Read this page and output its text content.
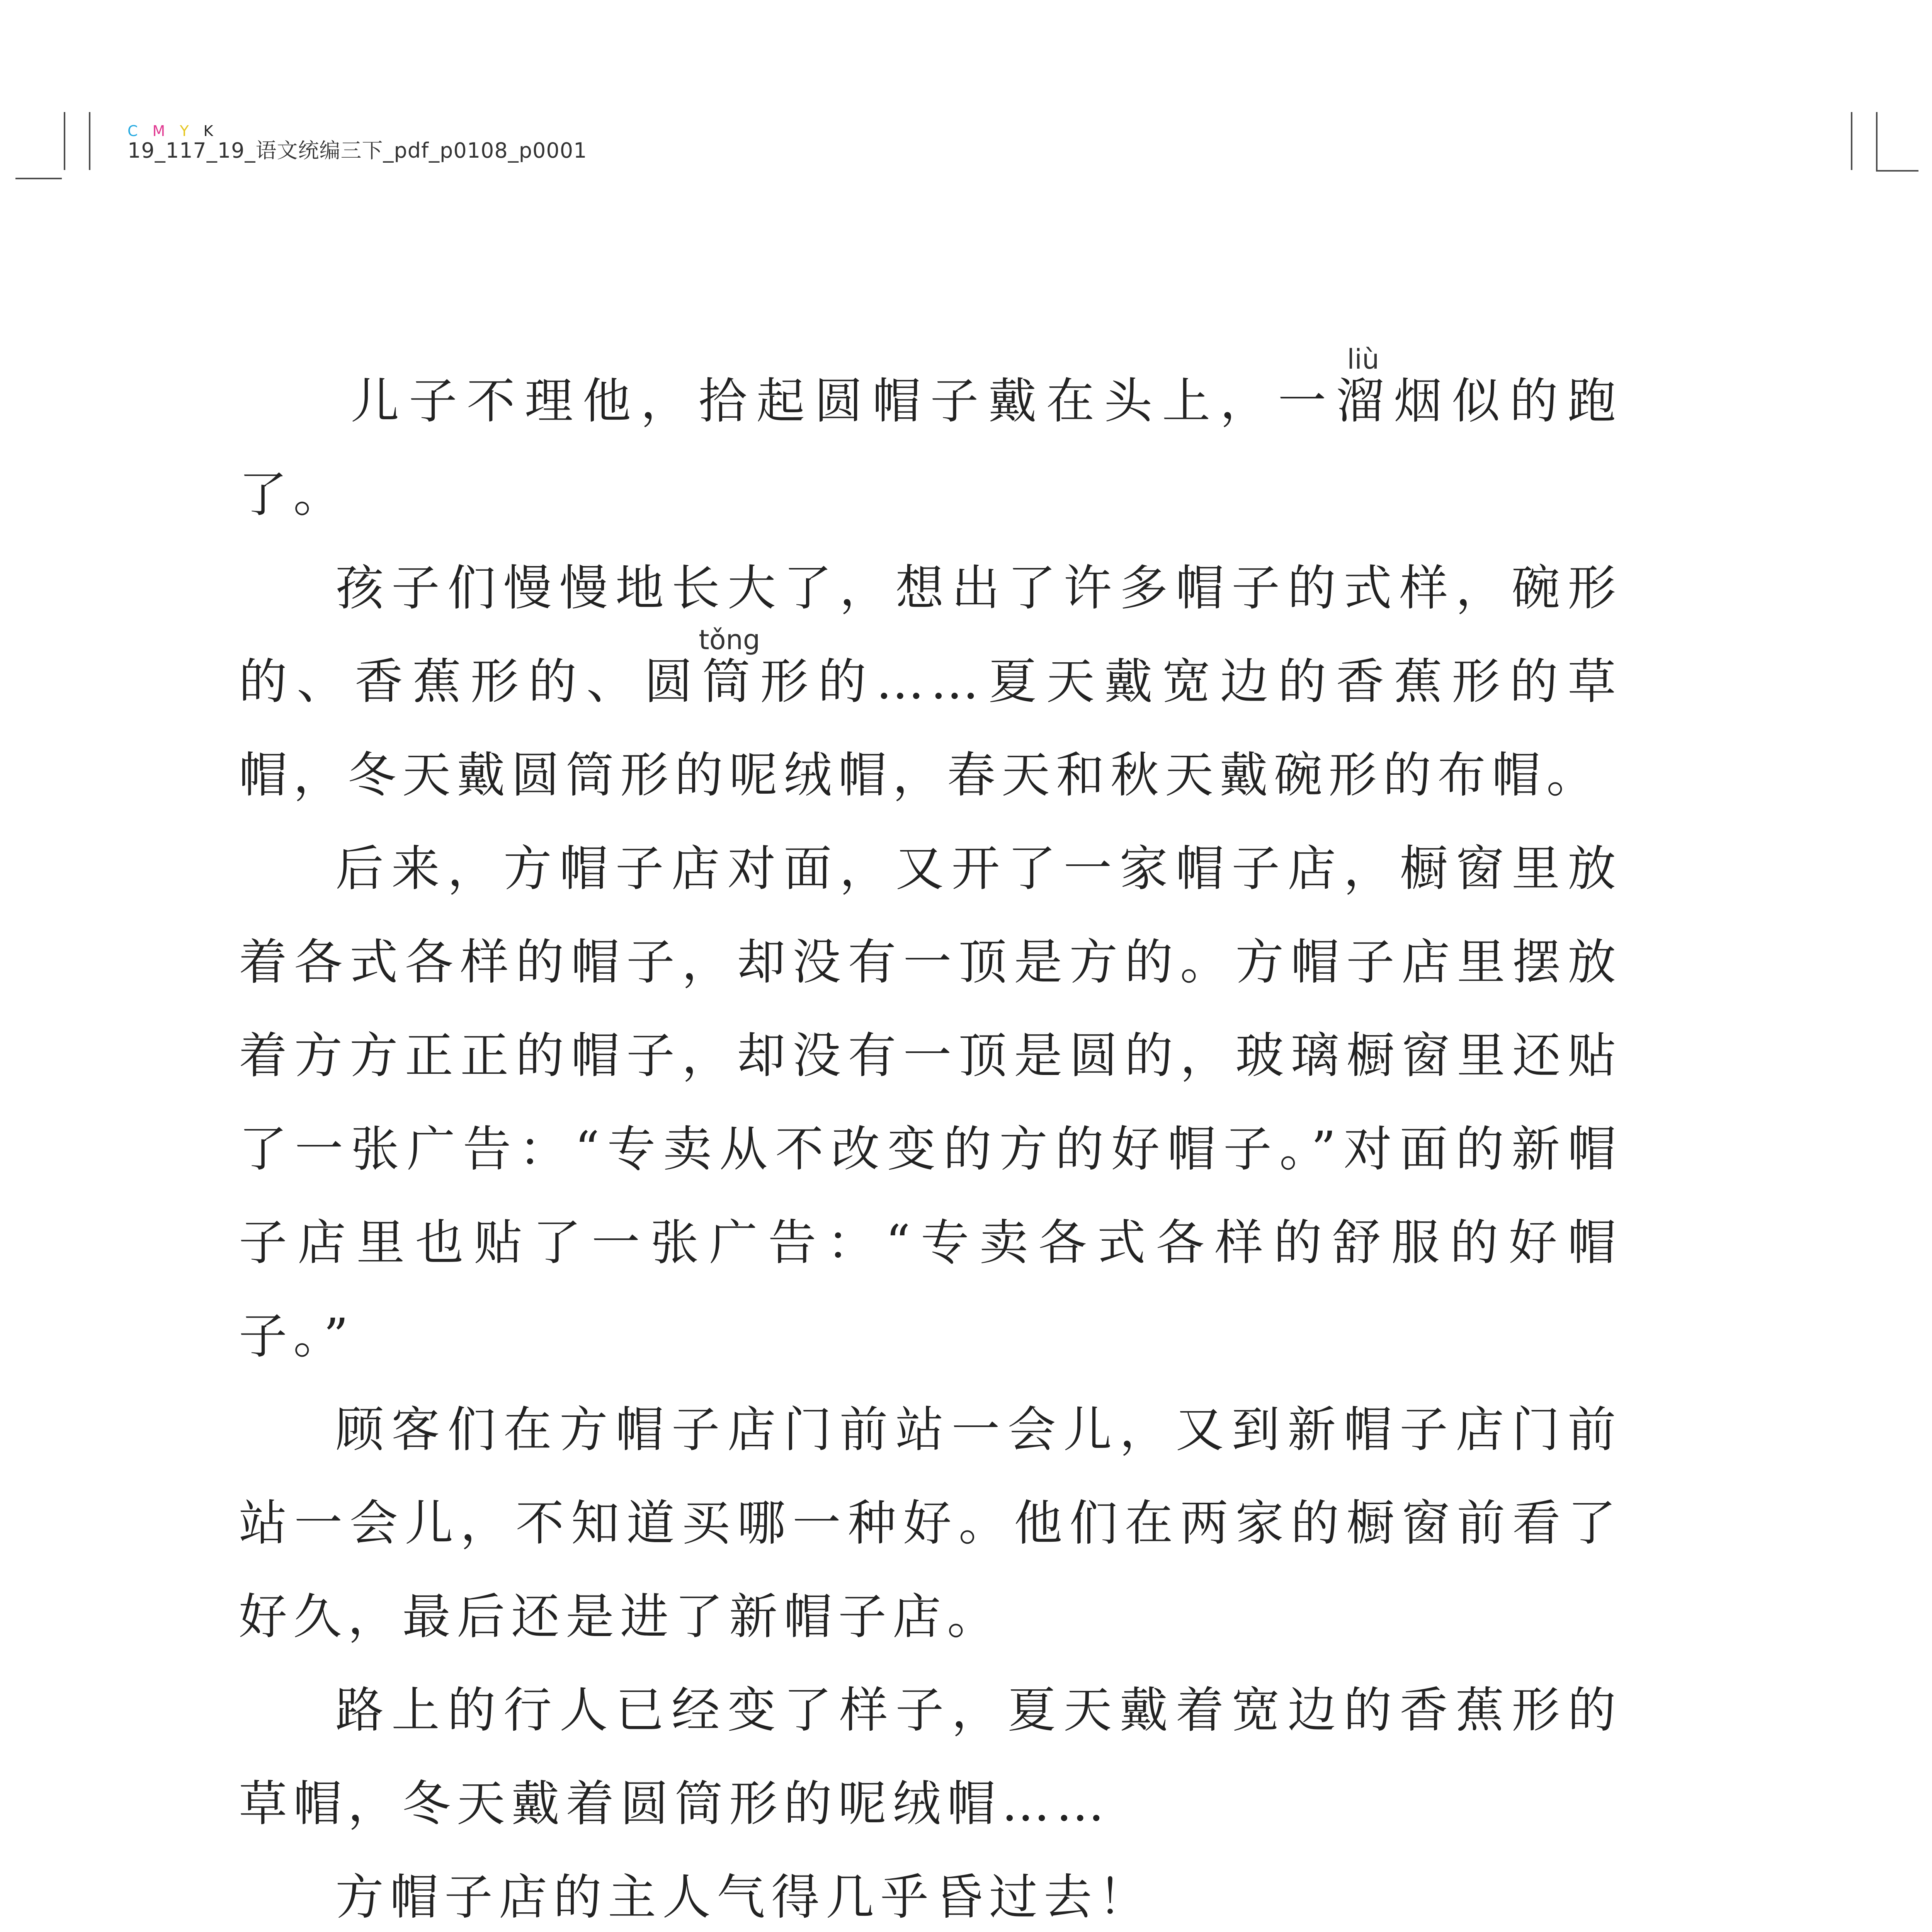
C M Y K
19_117_19_语文统编三下_pdf_p0108_p0001

儿子不理他，拾起圆帽子戴在头上，一溜liù烟似的跑了。

孩子们慢慢地长大了，想出了许多帽子的式样，碗形的、香蕉形的、圆筒tǒng形的……夏天戴宽边的香蕉形的草帽，冬天戴圆筒形的呢绒帽，春天和秋天戴碗形的布帽。

后来，方帽子店对面，又开了一家帽子店，橱窗里放着各式各样的帽子，却没有一顶是方的。方帽子店里摆放着方方正正的帽子，却没有一顶是圆的，玻璃橱窗里还贴了一张广告：“专卖从不改变的方的好帽子。”对面的新帽子店里也贴了一张广告：“专卖各式各样的舒服的好帽子。”

顾客们在方帽子店门前站一会儿，又到新帽子店门前站一会儿，不知道买哪一种好。他们在两家的橱窗前看了好久，最后还是进了新帽子店。

路上的行人已经变了样子，夏天戴着宽边的香蕉形的草帽，冬天戴着圆筒形的呢绒帽……

方帽子店的主人气得几乎昏过去！
